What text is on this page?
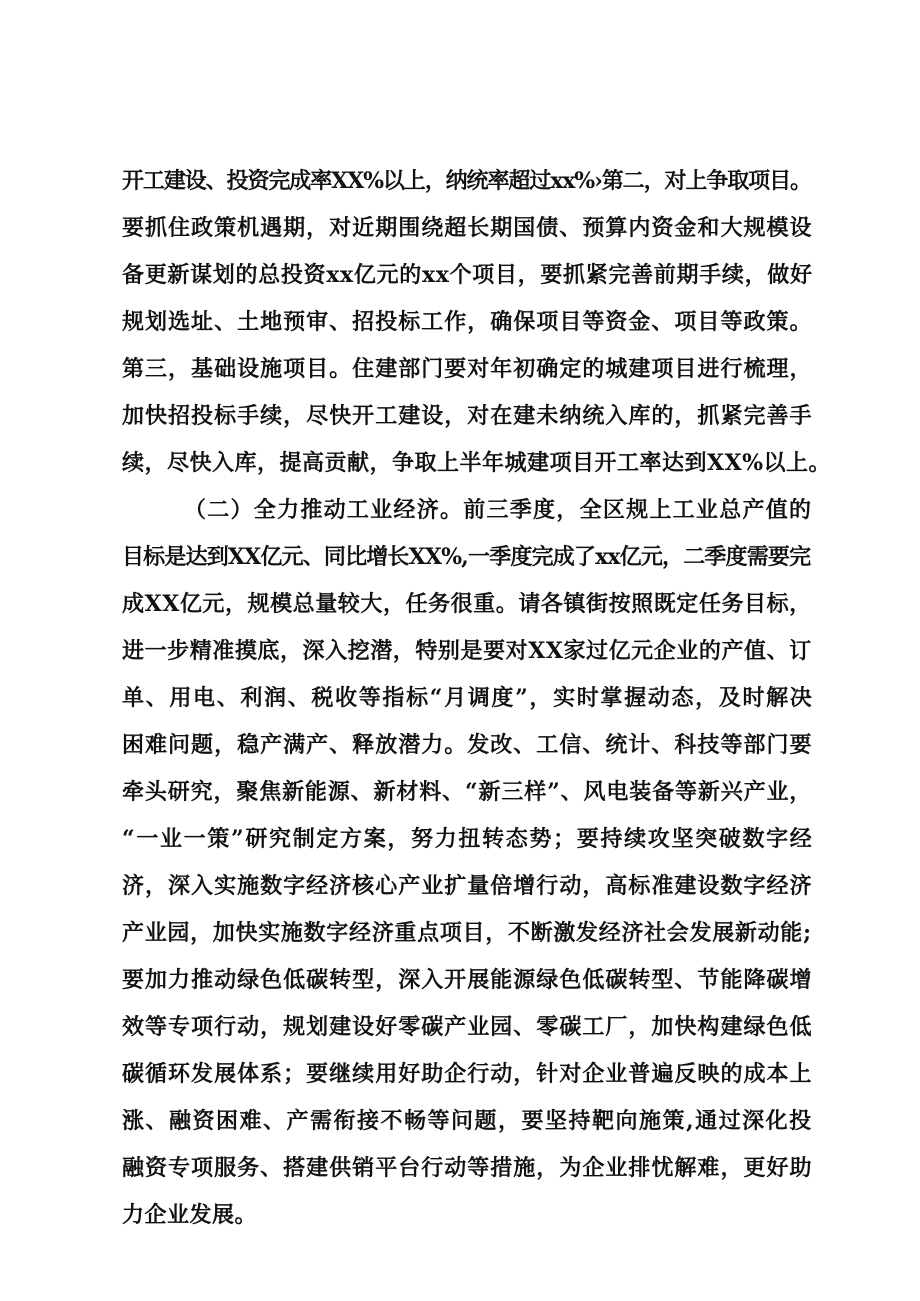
开工建设、投资完成率XX%以上，纳统率超过xx%›第二，对上争取项目。
要抓住政策机遇期，对近期围绕超长期国债、预算内资金和大规模设
备更新谋划的总投资xx亿元的xx个项目，要抓紧完善前期手续，做好
规划选址、土地预审、招投标工作，确保项目等资金、项目等政策。
第三，基础设施项目。住建部门要对年初确定的城建项目进行梳理，
加快招投标手续，尽快开工建设，对在建未纳统入库的，抓紧完善手
续，尽快入库，提高贡献，争取上半年城建项目开工率达到XX%以上。
（二）全力推动工业经济。前三季度，全区规上工业总产值的
目标是达到XX亿元、同比增长XX%,一季度完成了xx亿元，二季度需要完
成XX亿元，规模总量较大，任务很重。请各镇街按照既定任务目标，
进一步精准摸底，深入挖潜，特别是要对XX家过亿元企业的产值、订
单、用电、利润、税收等指标“月调度”，实时掌握动态，及时解决
困难问题，稳产满产、释放潜力。发改、工信、统计、科技等部门要
牵头研究，聚焦新能源、新材料、“新三样”、风电装备等新兴产业，
“一业一策”研究制定方案，努力扭转态势；要持续攻坚突破数字经
济，深入实施数字经济核心产业扩量倍增行动，高标准建设数字经济
产业园，加快实施数字经济重点项目，不断激发经济社会发展新动能;
要加力推动绿色低碳转型，深入开展能源绿色低碳转型、节能降碳增
效等专项行动，规划建设好零碳产业园、零碳工厂，加快构建绿色低
碳循环发展体系；要继续用好助企行动，针对企业普遍反映的成本上
涨、融资困难、产需衔接不畅等问题，要坚持靶向施策,通过深化投
融资专项服务、搭建供销平台行动等措施，为企业排忧解难，更好助
力企业发展。
